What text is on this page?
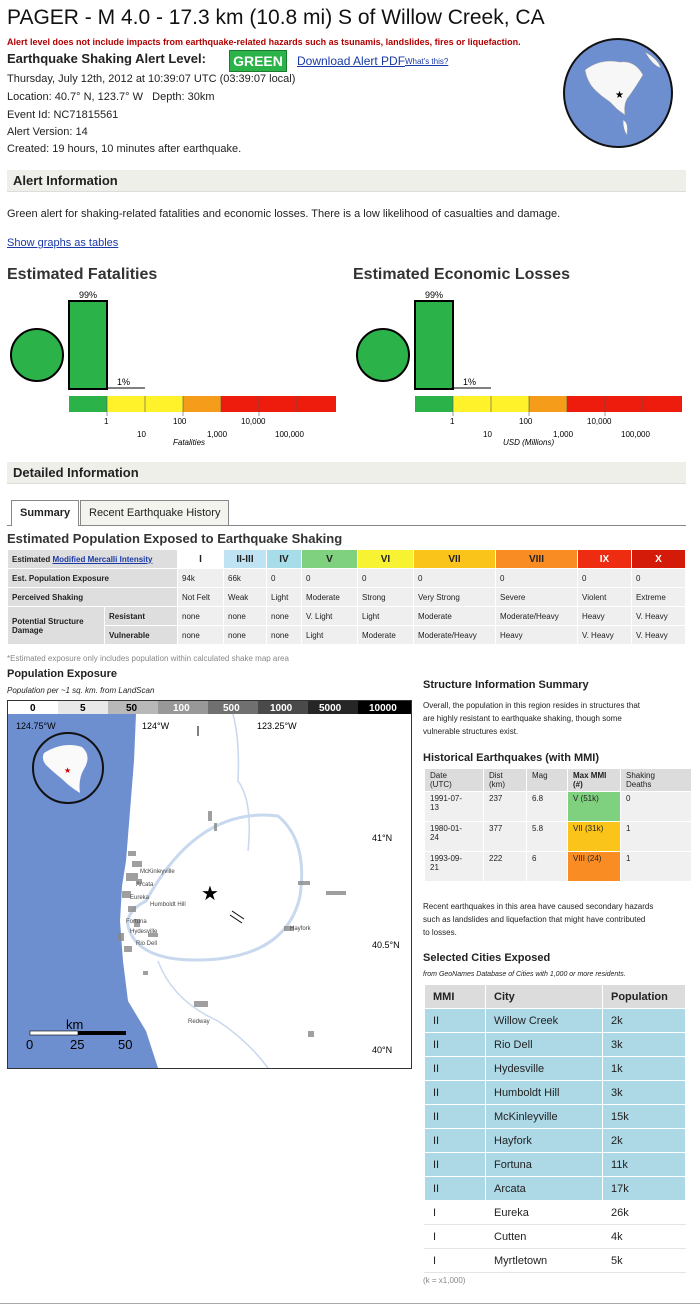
PAGER - M 4.0 - 17.3 km (10.8 mi) S of Willow Creek, CA
Alert level does not include impacts from earthquake-related hazards such as tsunamis, landslides, fires or liquefaction.
Earthquake Shaking Alert Level: GREEN	Download Alert PDF What's this?
Thursday, July 12th, 2012 at 10:39:07 UTC (03:39:07 local)
Location: 40.7° N, 123.7° W   Depth: 30km
Event Id: NC71815561
Alert Version: 14
Created: 19 hours, 10 minutes after earthquake.
★
Alert Information
Green alert for shaking-related fatalities and economic losses. There is a low likelihood of casualties and damage.
Show graphs as tables
Estimated Fatalities
99%
1%
1
10
100
1,000
10,000
100,000
Fatalities
Estimated Economic Losses
99%
1%
1
10
100
1,000
10,000
100,000
USD (Millions)
Detailed Information
Summary	Recent Earthquake History
Estimated Population Exposed to Earthquake Shaking
Estimated Modified Mercalli Intensity		I	II-III	IV	V	VI	VII	VIII	IX	X
Est. Population Exposure		94k	66k	0	0	0	0	0	0	0
Perceived Shaking		Not Felt	Weak	Light	Moderate	Strong	Very Strong	Severe	Violent	Extreme
Potential Structure Damage	Resistant	none	none	none	V. Light	Light	Moderate	Moderate/Heavy	Heavy	V. Heavy
	Vulnerable	none	none	none	Light	Moderate	Moderate/Heavy	Heavy	V. Heavy	V. Heavy
*Estimated exposure only includes population within calculated shake map area
Population Exposure
Population per ~1 sq. km. from LandScan
0	5	50	100	500	1000	5000	10000
Arcata
Eureka
Fortuna
Hydesville
Rio Dell
Humboldt Hill
McKinleyville
Hayfork
Redway
★
124.75°W	124°W	123.25°W
41°N
40.5°N
40°N
★
km
0	25	50
Structure Information Summary
Overall, the population in this region resides in structures that
are highly resistant to earthquake shaking, though some
vulnerable structures exist.
Historical Earthquakes (with MMI)
Date
(UTC)	Dist
(km)	Mag	Max MMI
(#)	Shaking
Deaths
1991-07-
13	237	6.8	V (51k)	0
1980-01-
24	377	5.8	VII (31k)	1
1993-09-
21	222	6	VIII (24)	1
Recent earthquakes in this area have caused secondary hazards
such as landslides and liquefaction that might have contributed
to losses.
Selected Cities Exposed
from GeoNames Database of Cities with 1,000 or more residents.
MMI	City	Population
II	Willow Creek	2k
II	Rio Dell	3k
II	Hydesville	1k
II	Humboldt Hill	3k
II	McKinleyville	15k
II	Hayfork	2k
II	Fortuna	11k
II	Arcata	17k
I	Eureka	26k
I	Cutten	4k
I	Myrtletown	5k
(k = x1,000)
